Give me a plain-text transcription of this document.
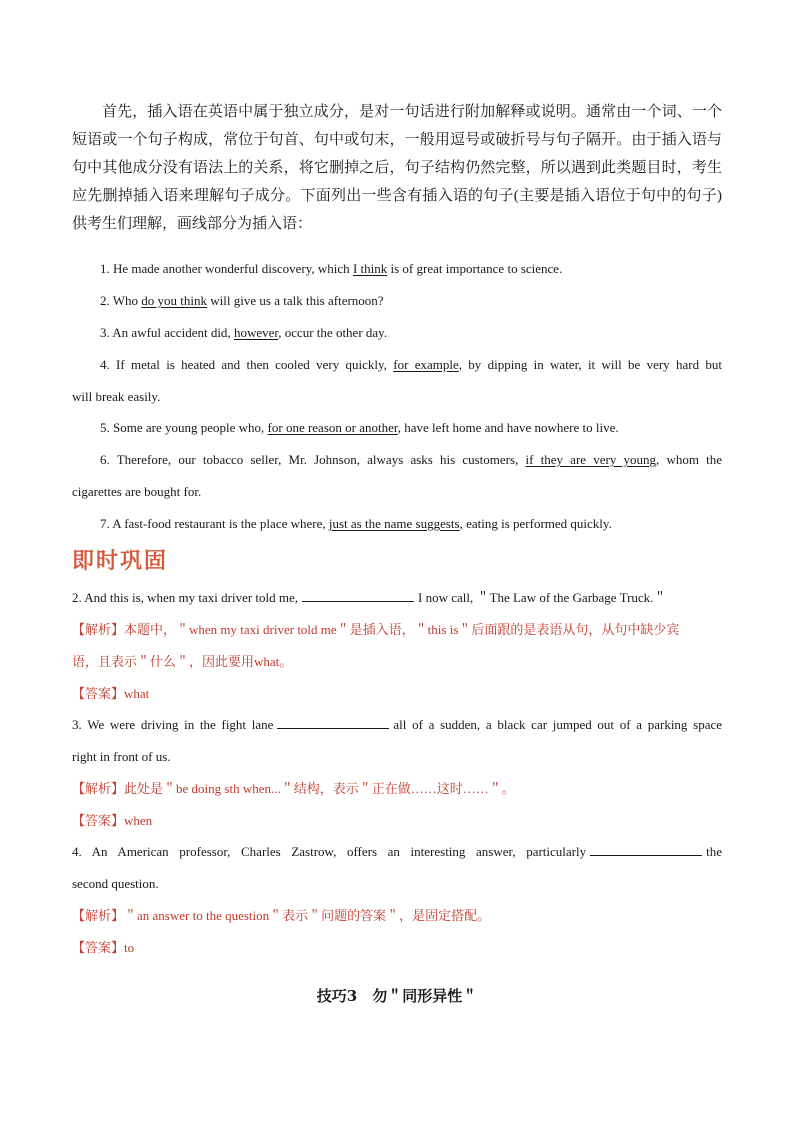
首先，插入语在英语中属于独立成分，是对一句话进行附加解释或说明。通常由一个词、一个短语或一个句子构成，常位于句首、句中或句末，一般用逗号或破折号与句子隔开。由于插入语与句中其他成分没有语法上的关系，将它删掉之后，句子结构仍然完整，所以遇到此类题目时，考生应先删掉插入语来理解句子成分。下面列出一些含有插入语的句子(主要是插入语位于句中的句子)供考生们理解，画线部分为插入语：

1. He made another wonderful discovery, which I think is of great importance to science.

2. Who do you think will give us a talk this afternoon?

3. An awful accident did, however, occur the other day.

4. If metal is heated and then cooled very quickly, for example, by dipping in water, it will be very hard but

will break easily.

5. Some are young people who, for one reason or another, have left home and have nowhere to live.

6. Therefore, our tobacco seller, Mr. Johnson, always asks his customers, if they are very young, whom the

cigarettes are bought for.

7. A fast-food restaurant is the place where, just as the name suggests, eating is performed quickly.

即时巩固

2. And this is, when my taxi driver told me,	I now call, ＂The Law of the Garbage Truck.＂

【解析】本题中，＂when my taxi driver told me＂是插入语，＂this is＂后面跟的是表语从句，从句中缺少宾

语，且表示＂什么＂，因此要用what。

【答案】what

3. We were driving in the fight lane	all of a sudden, a black car jumped out of a parking space

right in front of us.

【解析】此处是＂be doing sth when...＂结构，表示＂正在做……这时……＂。

【答案】when

4. An American professor, Charles Zastrow, offers an interesting answer, particularly	the

second question.

【解析】＂an answer to the question＂表示＂问题的答案＂，是固定搭配。

【答案】to

技巧3　勿＂同形异性＂
